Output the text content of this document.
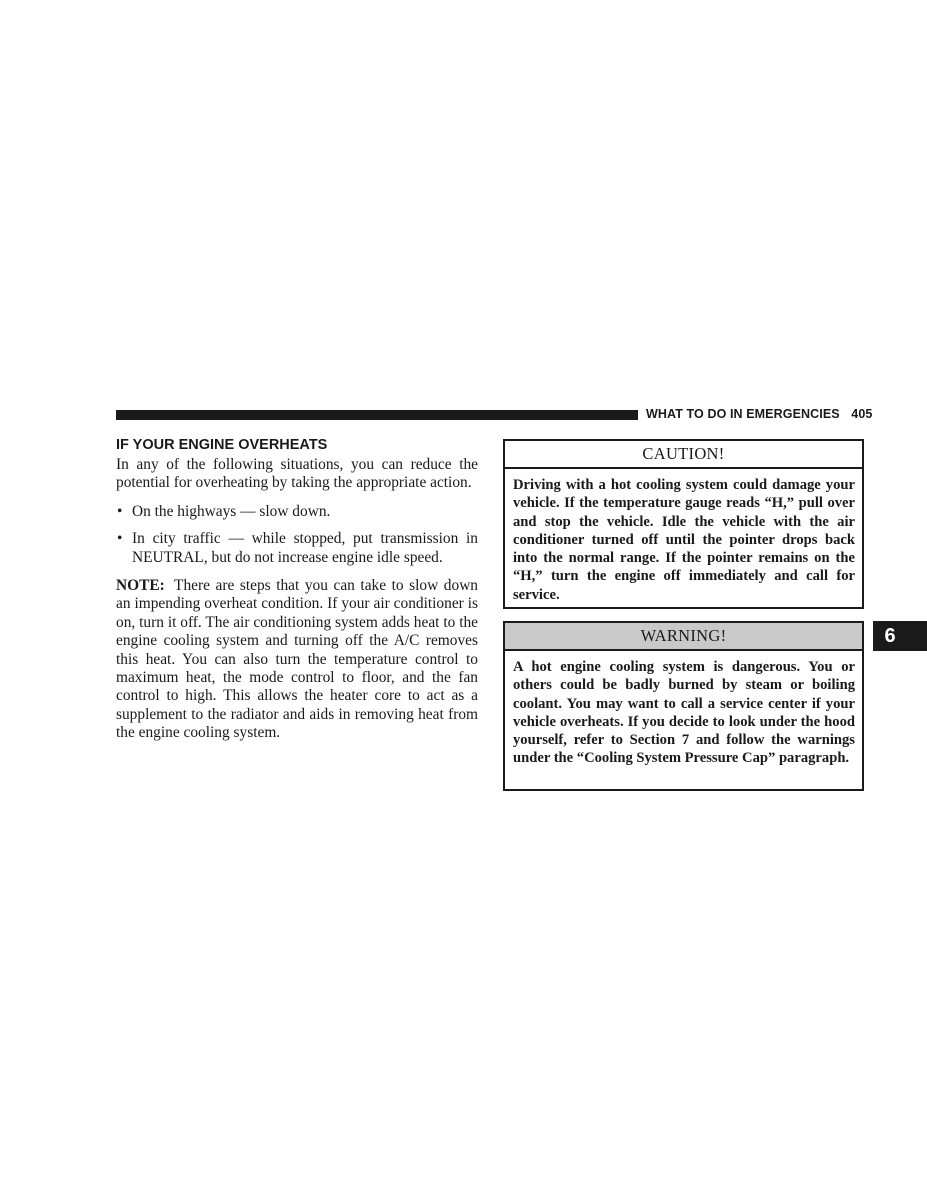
WHAT TO DO IN EMERGENCIES 405
IF YOUR ENGINE OVERHEATS

In any of the following situations, you can reduce the potential for overheating by taking the appropriate action.

• On the highways — slow down.
• In city traffic — while stopped, put transmission in NEUTRAL, but do not increase engine idle speed.

NOTE: There are steps that you can take to slow down an impending overheat condition. If your air conditioner is on, turn it off. The air conditioning system adds heat to the engine cooling system and turning off the A/C removes this heat. You can also turn the temperature control to maximum heat, the mode control to floor, and the fan control to high. This allows the heater core to act as a supplement to the radiator and aids in removing heat from the engine cooling system.

CAUTION!
Driving with a hot cooling system could damage your vehicle. If the temperature gauge reads “H,” pull over and stop the vehicle. Idle the vehicle with the air conditioner turned off until the pointer drops back into the normal range. If the pointer remains on the “H,” turn the engine off immediately and call for service.
WARNING!
A hot engine cooling system is dangerous. You or others could be badly burned by steam or boiling coolant. You may want to call a service center if your vehicle overheats. If you decide to look under the hood yourself, refer to Section 7 and follow the warnings under the “Cooling System Pressure Cap” paragraph.
6
